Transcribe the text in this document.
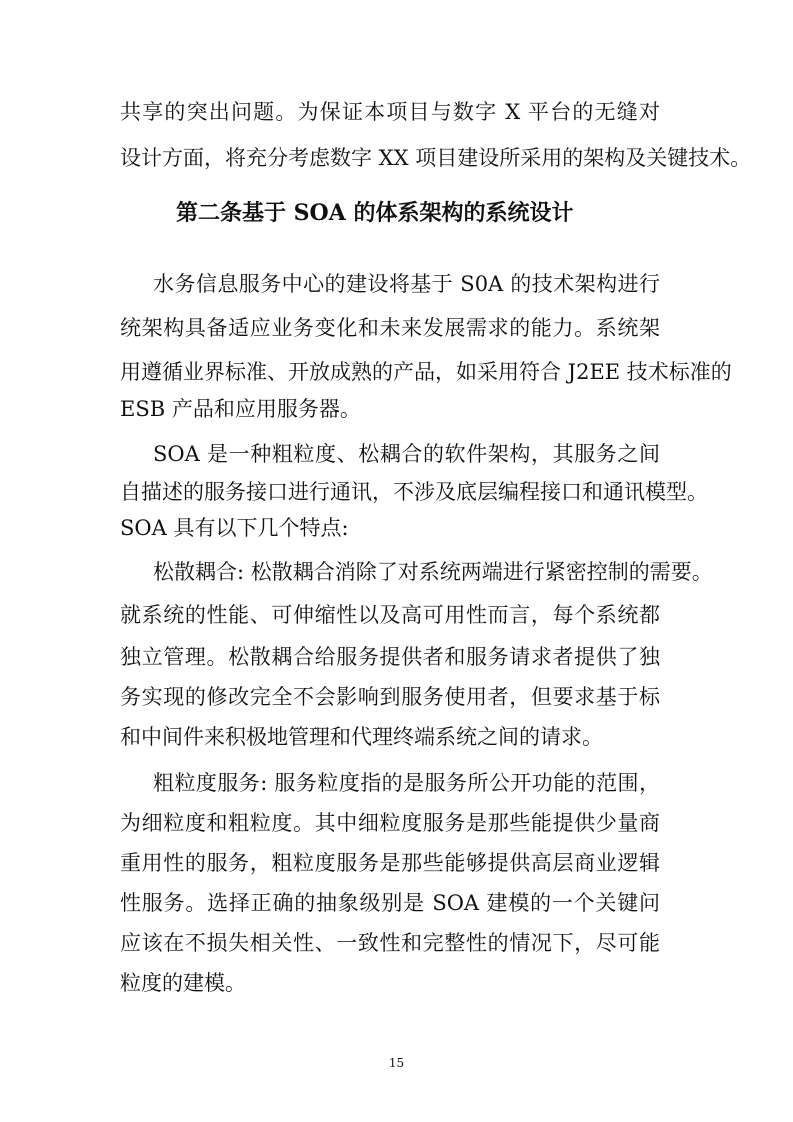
共享的突出问题。为保证本项目与数字 X 平台的无缝对
设计方面，将充分考虑数字 XX 项目建设所采用的架构及关键技术。
第二条基于 SOA 的体系架构的系统设计
水务信息服务中心的建设将基于 S0A 的技术架构进行
统架构具备适应业务变化和未来发展需求的能力。系统架
用遵循业界标准、开放成熟的产品，如采用符合 J2EE 技术标准的
ESB 产品和应用服务器。
SOA 是一种粗粒度、松耦合的软件架构，其服务之间
自描述的服务接口进行通讯，不涉及底层编程接口和通讯模型。
SOA 具有以下几个特点:
松散耦合: 松散耦合消除了对系统两端进行紧密控制的需要。
就系统的性能、可伸缩性以及高可用性而言，每个系统都
独立管理。松散耦合给服务提供者和服务请求者提供了独
务实现的修改完全不会影响到服务使用者，但要求基于标
和中间件来积极地管理和代理终端系统之间的请求。
粗粒度服务: 服务粒度指的是服务所公开功能的范围，
为细粒度和粗粒度。其中细粒度服务是那些能提供少量商
重用性的服务，粗粒度服务是那些能够提供高层商业逻辑
性服务。选择正确的抽象级别是 SOA 建模的一个关键问
应该在不损失相关性、一致性和完整性的情况下，尽可能
粒度的建模。
15
